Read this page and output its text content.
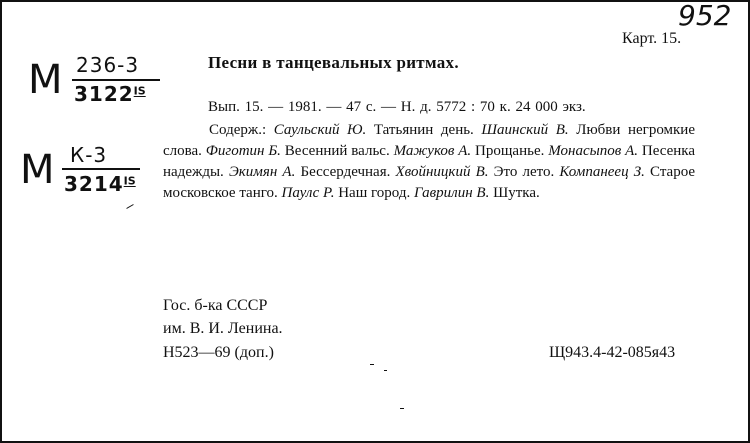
952
Карт. 15.
М 236-3
$3122^{IS}$
М К-3
$3214^{IS}$
Песни в танцевальных ритмах.
Вып. 15. — 1981. — 47 с. — Н. д. 5772 : 70 к. 24 000 экз.
Содерж.: Саульский Ю. Татьянин день. Шаинский В. Любви негромкие слова. Фиготин Б. Весенний вальс. Мажуков А. Прощанье. Монасыпов А. Песенка надежды. Экимян А. Бессердечная. Хвойницкий В. Это лето. Компанеец З. Старое московское танго. Паулс Р. Наш город. Гаврилин В. Шутка.
Гос. б-ка СССР
им. В. И. Ленина.
Н523—69 (доп.)	Щ943.4-42-085я43
